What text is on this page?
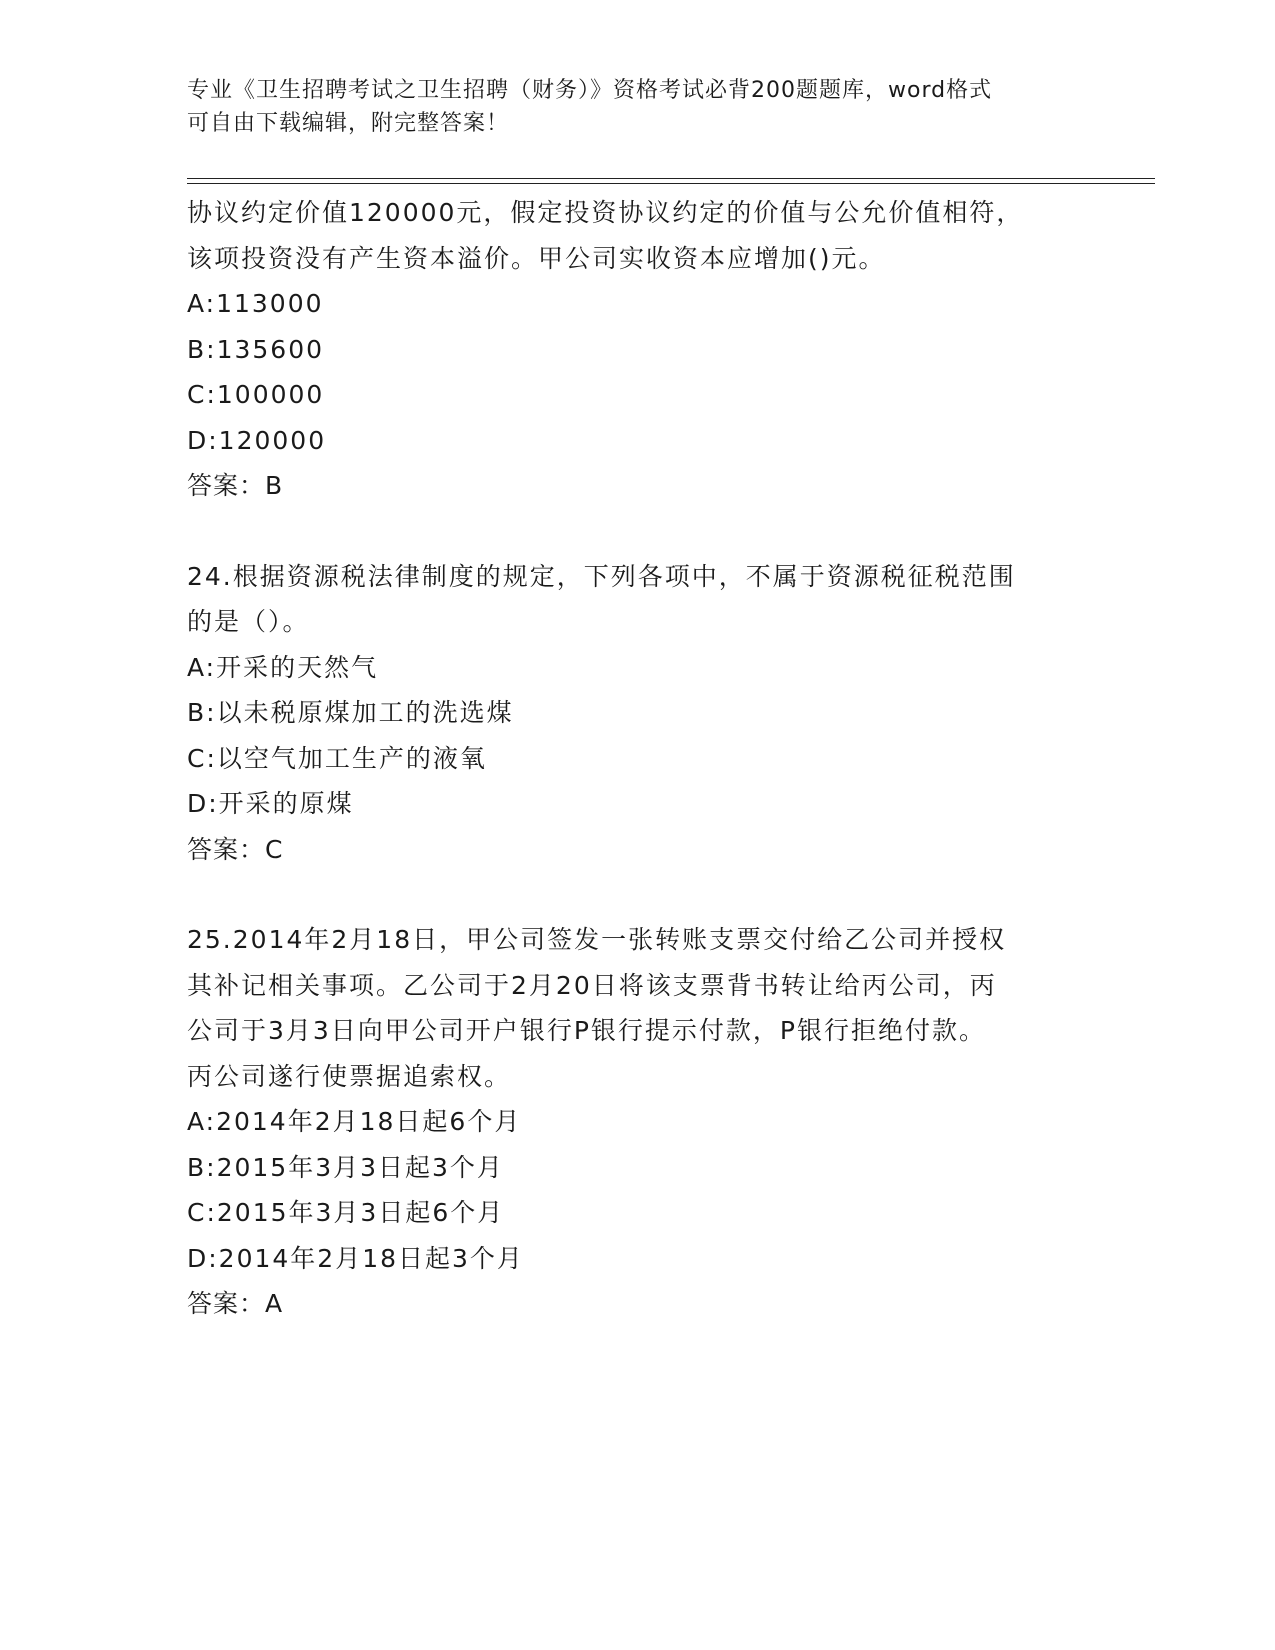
专业《卫生招聘考试之卫生招聘（财务）》资格考试必背200题题库，word格式
可自由下载编辑，附完整答案！
协议约定价值120000元，假定投资协议约定的价值与公允价值相符，
该项投资没有产生资本溢价。甲公司实收资本应增加()元。
A:113000
B:135600
C:100000
D:120000
答案：B
24.根据资源税法律制度的规定，下列各项中，不属于资源税征税范围
的是（）。
A:开采的天然气
B:以未税原煤加工的洗选煤
C:以空气加工生产的液氧
D:开采的原煤
答案：C
25.2014年2月18日，甲公司签发一张转账支票交付给乙公司并授权
其补记相关事项。乙公司于2月20日将该支票背书转让给丙公司，丙
公司于3月3日向甲公司开户银行P银行提示付款，P银行拒绝付款。
丙公司遂行使票据追索权。
A:2014年2月18日起6个月
B:2015年3月3日起3个月
C:2015年3月3日起6个月
D:2014年2月18日起3个月
答案：A
